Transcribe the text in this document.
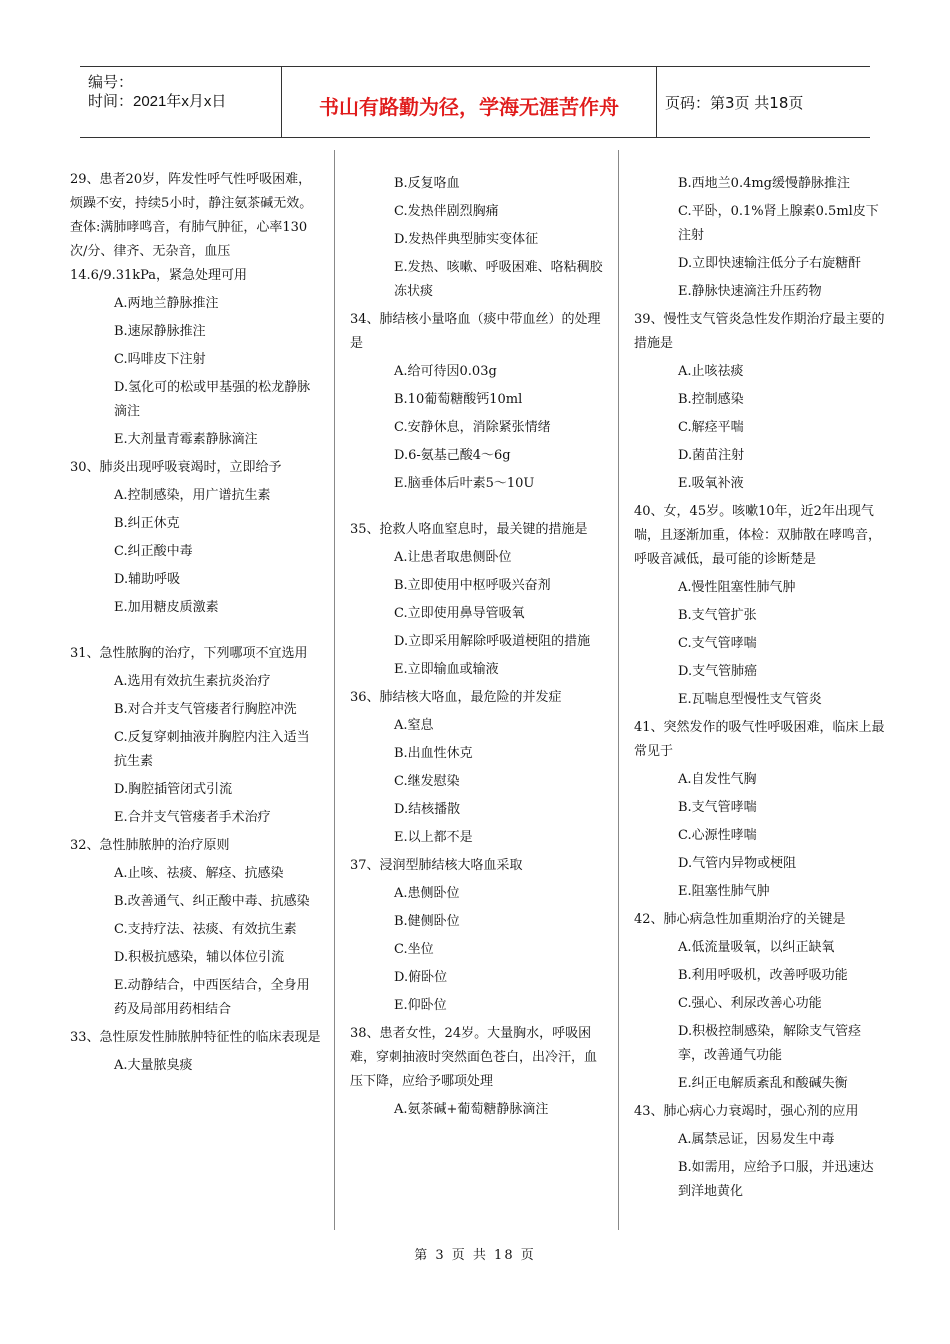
编号：
时间：2021年x月x日	书山有路勤为径，学海无涯苦作舟	页码：第3页 共18页

29、患者20岁，阵发性呼气性呼吸困难，烦躁不安，持续5小时，静注氨茶碱无效。查体:满肺哮鸣音，有肺气肿征，心率130次/分、律齐、无杂音，血压14.6/9.31kPa，紧急处理可用

A.两地兰静脉推注
B.速尿静脉推注
C.吗啡皮下注射
D.氢化可的松或甲基强的松龙静脉滴注
E.大剂量青霉素静脉滴注

30、肺炎出现呼吸衰竭时，立即给予

A.控制感染，用广谱抗生素
B.纠正休克
C.纠正酸中毒
D.辅助呼吸
E.加用糖皮质激素

31、急性脓胸的治疗，下列哪项不宜选用

A.选用有效抗生素抗炎治疗
B.对合并支气管瘘者行胸腔冲洗
C.反复穿刺抽液并胸腔内注入适当抗生素
D.胸腔插管闭式引流
E.合并支气管瘘者手术治疗

32、急性肺脓肿的治疗原则

A.止咳、祛痰、解痉、抗感染
B.改善通气、纠正酸中毒、抗感染
C.支持疗法、祛痰、有效抗生素
D.积极抗感染，辅以体位引流
E.动静结合，中西医结合，全身用药及局部用药相结合

33、急性原发性肺脓肿特征性的临床表现是

A.大量脓臭痰
B.反复咯血
C.发热伴剧烈胸痛
D.发热伴典型肺实变体征
E.发热、咳嗽、呼吸困难、咯粘稠胶冻状痰

34、肺结核小量咯血（痰中带血丝）的处理是

A.给可待因0.03g
B.10葡萄糖酸钙10ml
C.安静休息，消除紧张情绪
D.6-氨基己酸4～6g
E.脑垂体后叶素5～10U

35、抢救人咯血窒息时，最关键的措施是

A.让患者取患侧卧位
B.立即使用中枢呼吸兴奋剂
C.立即使用鼻导管吸氧
D.立即采用解除呼吸道梗阻的措施
E.立即输血或输液

36、肺结核大咯血，最危险的并发症

A.窒息
B.出血性休克
C.继发慰染
D.结核播散
E.以上都不是

37、浸润型肺结核大咯血采取

A.患侧卧位
B.健侧卧位
C.坐位
D.俯卧位
E.仰卧位

38、患者女性，24岁。大量胸水，呼吸困难，穿刺抽液时突然面色苍白，出冷汗，血压下降，应给予哪项处理

A.氨茶碱+葡萄糖静脉滴注
B.西地兰0.4mg缓慢静脉推注
C.平卧，0.1%肾上腺素0.5ml皮下注射
D.立即快速输注低分子右旋糖酐
E.静脉快速滴注升压药物

39、慢性支气管炎急性发作期治疗最主要的措施是

A.止咳祛痰
B.控制感染
C.解痉平喘
D.菌苗注射
E.吸氧补液

40、女，45岁。咳嗽10年，近2年出现气喘，且逐渐加重，体检：双肺散在哮鸣音，呼吸音减低，最可能的诊断楚是

A.慢性阻塞性肺气肿
B.支气管扩张
C.支气管哮喘
D.支气管肺癌
E.瓦喘息型慢性支气管炎

41、突然发作的吸气性呼吸困难，临床上最常见于

A.自发性气胸
B.支气管哮喘
C.心源性哮喘
D.气管内异物或梗阻
E.阻塞性肺气肿

42、肺心病急性加重期治疗的关键是

A.低流量吸氧，以纠正缺氧
B.利用呼吸机，改善呼吸功能
C.强心、利尿改善心功能
D.积极控制感染，解除支气管痉挛，改善通气功能
E.纠正电解质紊乱和酸碱失衡

43、肺心病心力衰竭时，强心剂的应用

A.属禁忌证，因易发生中毒
B.如需用，应给予口服，并迅速达到洋地黄化
第 3 页 共 18 页
